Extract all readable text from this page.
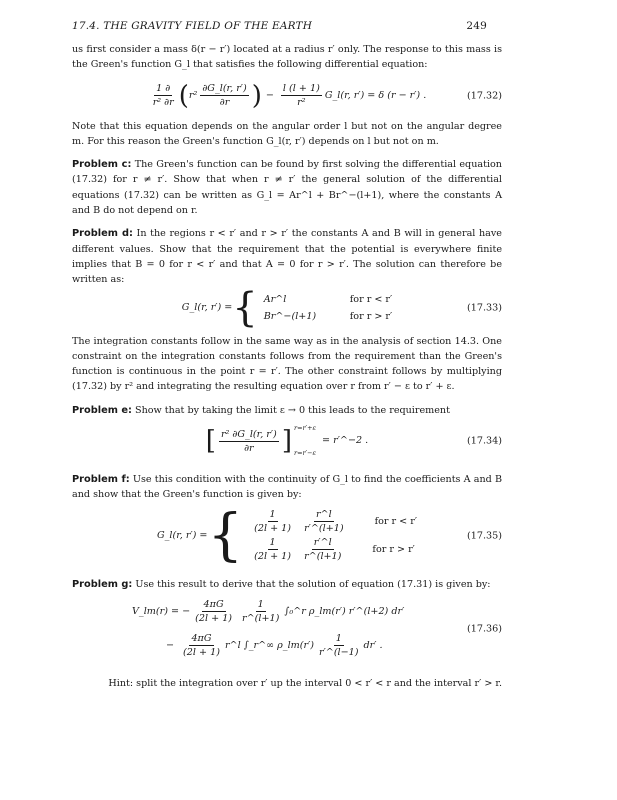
17.4. THE GRAVITY FIELD OF THE EARTH	249

us first consider a mass δ(r − r′) located at a radius r′ only. The response to this mass is the Green's function G_l that satisfies the following differential equation:

$\frac{1 \partial}{\text{r² ∂r}}$ ( $r^2 \frac{\partial G\_l(r, r')}{\partial r}$ ) − $\frac{l (l + 1)}{\text{r²}}$ G_l(r, r′) = δ (r − r′) .	(17.32)

Note that this equation depends on the angular order l but not on the angular degree m. For this reason the Green's function G_l(r, r′) depends on l but not on m.

Problem c: The Green's function can be found by first solving the differential equation (17.32) for r ≠ r′. Show that when r ≠ r′ the general solution of the differential equations (17.32) can be written as G_l = Ar^l + Br^−(l+1), where the constants A and B do not depend on r.

Problem d: In the regions r < r′ and r > r′ the constants A and B will in general have different values. Show that the requirement that the potential is everywhere finite implies that B = 0 for r < r′ and that A = 0 for r > r′. The solution can therefore be written as:

G_l(r, r′) = { Ar^l	for r < r′
Br^−(l+1)	for r > r′
(17.33)

The integration constants follow in the same way as in the analysis of section 14.3. One constraint on the integration constants follows from the requirement than the Green's function is continuous in the point r = r′. The other constraint follows by multiplying (17.32) by r² and integrating the resulting equation over r from r′ − ε to r′ + ε.

Problem e: Show that by taking the limit ε → 0 this leads to the requirement

[ $\frac{\text{r² ∂G\_l(r, r′)}}{\partial r}$ ] r=r′+ε
r=r′−ε
= r′^−2 .	(17.34)

Problem f: Use this condition with the continuity of G_l to find the coefficients A and B and show that the Green's function is given by:

G_l(r, r′) = { $\frac{1}{(2l + 1)}$
$\frac{r\^{}l}{r'\^{}(l+1)}$	for r < r′
$\frac{1}{(2l + 1)}$
$\frac{r'\^{}l}{r\^{}(l+1)}$	for r > r′
(17.35)

Problem g: Use this result to derive that the solution of equation (17.31) is given by:

V_lm(r) = − $\frac{4\pi G}{(2l + 1)} \frac{1}{r\^{}(l+1)}$ ∫₀^r ρ_lm(r′) r′^(l+2) dr′
− $\frac{4\pi G}{(2l + 1)}$ r^l ∫_r^∞ ρ_lm(r′) $\frac{1}{r'\^{}(l-1)} dr'$ .
(17.36)

Hint: split the integration over r′ up the interval 0 < r′ < r and the interval r′ > r.
